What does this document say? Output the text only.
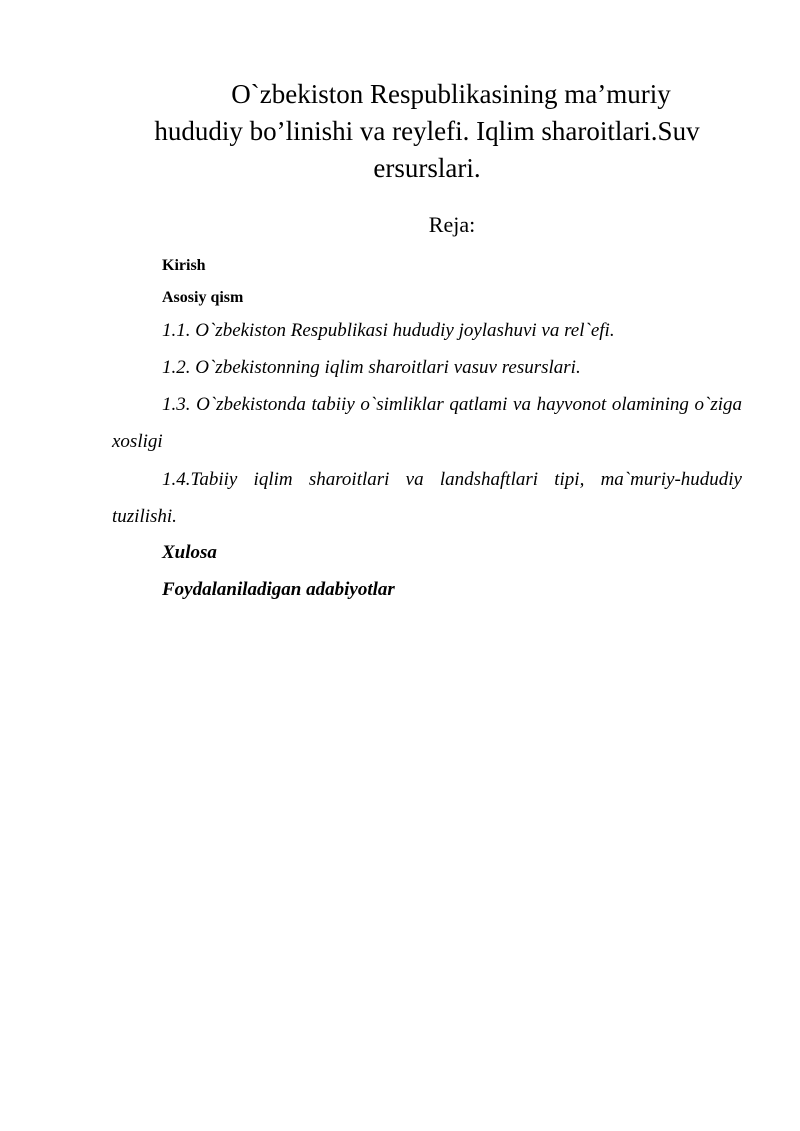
O`zbekiston Respublikasining ma’muriy
hududiy bo’linishi va reylefi. Iqlim sharoitlari.Suv
ersurslari.

Reja:

Kirish

Asosiy qism

1.1. O`zbekiston Respublikasi hududiy joylashuvi va rel`efi.

1.2. O`zbekistonning iqlim sharoitlari vasuv resurslari.

1.3. O`zbekistonda tabiiy o`simliklar qatlami va hayvonot olamining o`ziga xosligi

1.4.Tabiiy iqlim sharoitlari va landshaftlari tipi, ma`muriy-hududiy tuzilishi.

Xulosa

Foydalaniladigan adabiyotlar
